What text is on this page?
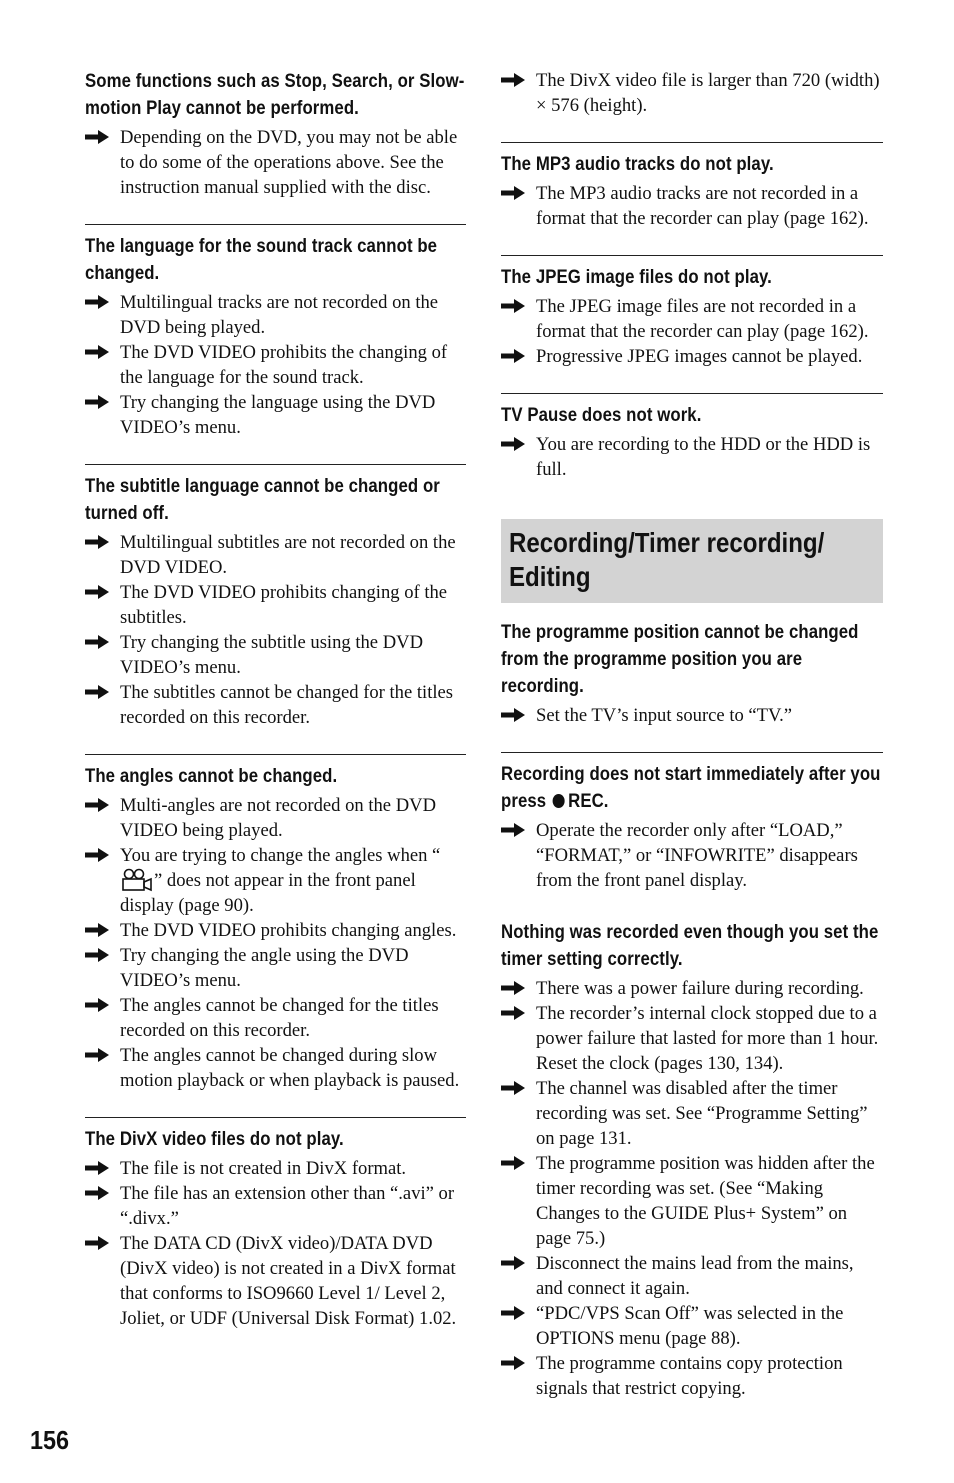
Some functions such as Stop, Search, or Slow-motion Play cannot be performed.
Depending on the DVD, you may not be able to do some of the operations above. See the instruction manual supplied with the disc.
The language for the sound track cannot be changed.
Multilingual tracks are not recorded on the DVD being played.
The DVD VIDEO prohibits the changing of the language for the sound track.
Try changing the language using the DVD VIDEO’s menu.
The subtitle language cannot be changed or turned off.
Multilingual subtitles are not recorded on the DVD VIDEO.
The DVD VIDEO prohibits changing of the subtitles.
Try changing the subtitle using the DVD VIDEO’s menu.
The subtitles cannot be changed for the titles recorded on this recorder.
The angles cannot be changed.
Multi-angles are not recorded on the DVD VIDEO being played.
You are trying to change the angles when “” does not appear in the front panel display (page 90).
The DVD VIDEO prohibits changing angles.
Try changing the angle using the DVD VIDEO’s menu.
The angles cannot be changed for the titles recorded on this recorder.
The angles cannot be changed during slow motion playback or when playback is paused.
The DivX video files do not play.
The file is not created in DivX format.
The file has an extension other than “.avi” or “.divx.”
The DATA CD (DivX video)/DATA DVD (DivX video) is not created in a DivX format that conforms to ISO9660 Level 1/ Level 2, Joliet, or UDF (Universal Disk Format) 1.02.
The DivX video file is larger than 720 (width) × 576 (height).
The MP3 audio tracks do not play.
The MP3 audio tracks are not recorded in a format that the recorder can play (page 162).
The JPEG image files do not play.
The JPEG image files are not recorded in a format that the recorder can play (page 162).
Progressive JPEG images cannot be played.
TV Pause does not work.
You are recording to the HDD or the HDD is full.
Recording/Timer recording/ Editing
The programme position cannot be changed from the programme position you are recording.
Set the TV’s input source to “TV.”
Recording does not start immediately after you press REC.
Operate the recorder only after “LOAD,” “FORMAT,” or “INFOWRITE” disappears from the front panel display.
Nothing was recorded even though you set the timer setting correctly.
There was a power failure during recording.
The recorder’s internal clock stopped due to a power failure that lasted for more than 1 hour. Reset the clock (pages 130, 134).
The channel was disabled after the timer recording was set. See “Programme Setting” on page 131.
The programme position was hidden after the timer recording was set. (See “Making Changes to the GUIDE Plus+ System” on page 75.)
Disconnect the mains lead from the mains, and connect it again.
“PDC/VPS Scan Off” was selected in the OPTIONS menu (page 88).
The programme contains copy protection signals that restrict copying.
156
